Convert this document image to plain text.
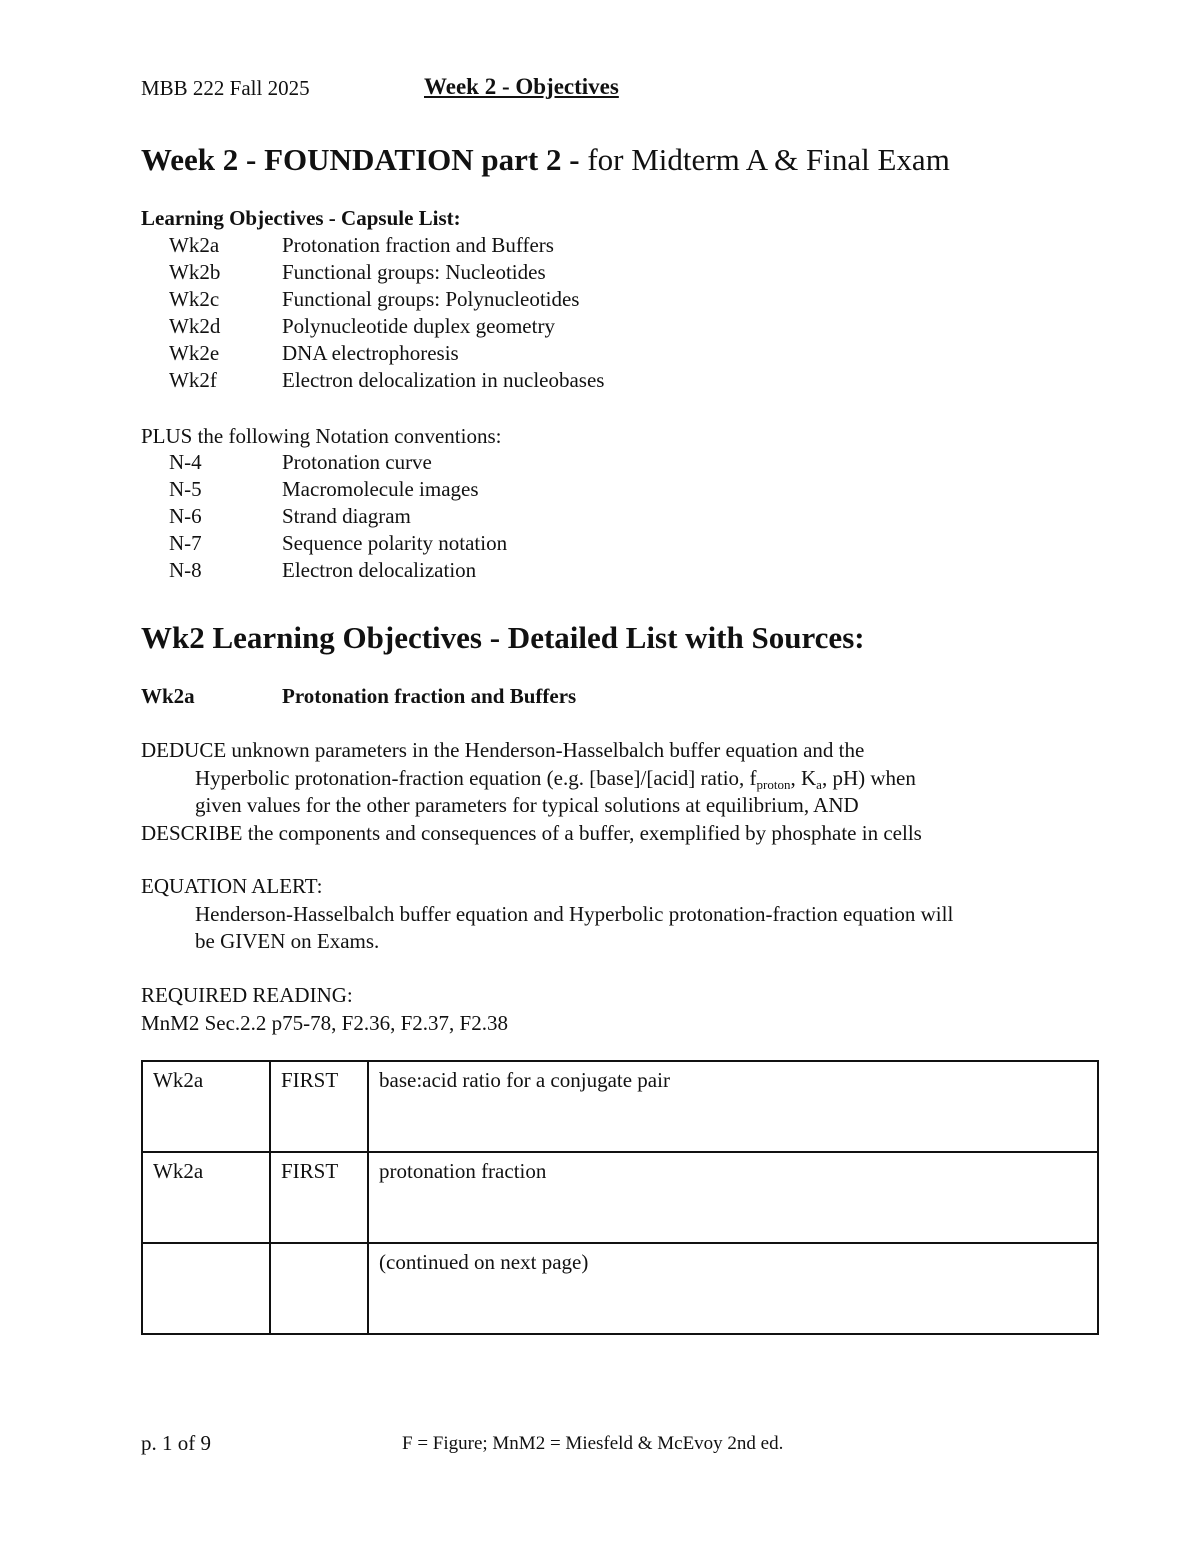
MBB 222 Fall 2025	Week 2 - Objectives
Week 2 - FOUNDATION part 2 - for Midterm A & Final Exam
Learning Objectives - Capsule List:
Wk2a	Protonation fraction and Buffers
Wk2b	Functional groups: Nucleotides
Wk2c	Functional groups: Polynucleotides
Wk2d	Polynucleotide duplex geometry
Wk2e	DNA electrophoresis
Wk2f	Electron delocalization in nucleobases
PLUS the following Notation conventions:
N-4	Protonation curve
N-5	Macromolecule images
N-6	Strand diagram
N-7	Sequence polarity notation
N-8	Electron delocalization
Wk2 Learning Objectives - Detailed List with Sources:
Wk2a	Protonation fraction and Buffers
DEDUCE unknown parameters in the Henderson-Hasselbalch buffer equation and the
Hyperbolic protonation-fraction equation (e.g. [base]/[acid] ratio, $f_{proton}$, $K_a$, pH) when
given values for the other parameters for typical solutions at equilibrium, AND
DESCRIBE the components and consequences of a buffer, exemplified by phosphate in cells
EQUATION ALERT:
Henderson-Hasselbalch buffer equation and Hyperbolic protonation-fraction equation will
be GIVEN on Exams.
REQUIRED READING:
MnM2 Sec.2.2 p75-78, F2.36, F2.37, F2.38
Wk2a	FIRST	base:acid ratio for a conjugate pair
Wk2a	FIRST	protonation fraction
		(continued on next page)
p. 1 of 9	F = Figure; MnM2 = Miesfeld & McEvoy 2nd ed.
